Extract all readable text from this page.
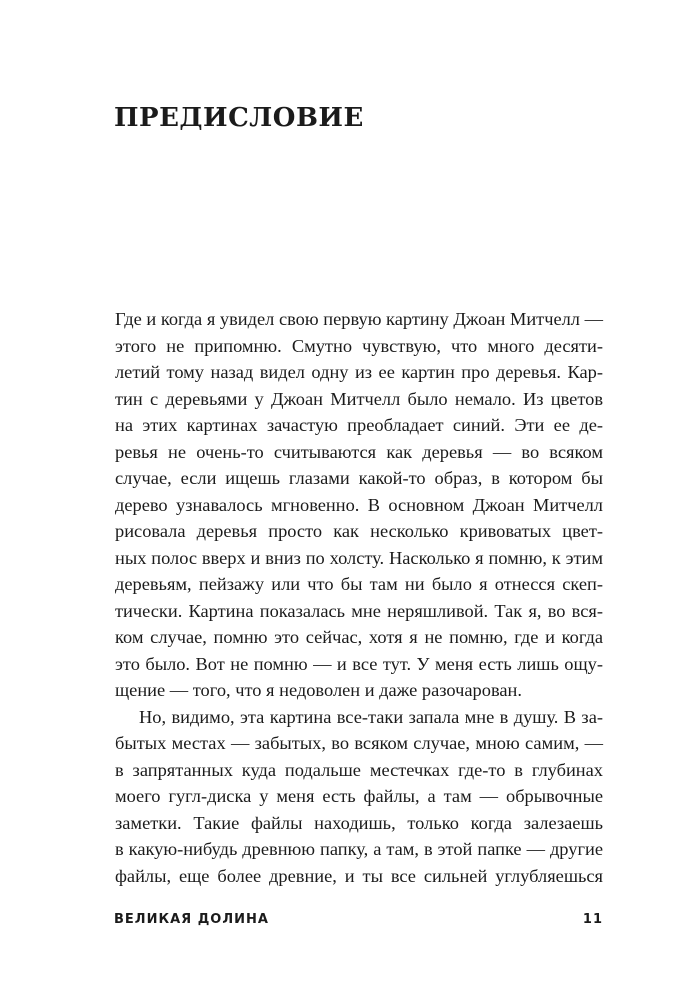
ПРЕДИСЛОВИЕ
Где и когда я увидел свою первую картину Джоан Митчелл —
этого не припомню. Смутно чувствую, что много десяти-
летий тому назад видел одну из ее картин про деревья. Кар-
тин с деревьями у Джоан Митчелл было немало. Из цветов
на этих картинах зачастую преобладает синий. Эти ее де-
ревья не очень-то считываются как деревья — во всяком
случае, если ищешь глазами какой-то образ, в котором бы
дерево узнавалось мгновенно. В основном Джоан Митчелл
рисовала деревья просто как несколько кривоватых цвет-
ных полос вверх и вниз по холсту. Насколько я помню, к этим
деревьям, пейзажу или что бы там ни было я отнесся скеп-
тически. Картина показалась мне неряшливой. Так я, во вся-
ком случае, помню это сейчас, хотя я не помню, где и когда
это было. Вот не помню — и все тут. У меня есть лишь ощу-
щение — того, что я недоволен и даже разочарован.
Но, видимо, эта картина все-таки запала мне в душу. В за-
бытых местах — забытых, во всяком случае, мною самим, —
в запрятанных куда подальше местечках где-то в глубинах
моего гугл-диска у меня есть файлы, а там — обрывочные
заметки. Такие файлы находишь, только когда залезаешь
в какую-нибудь древнюю папку, а там, в этой папке — другие
файлы, еще более древние, и ты все сильней углубляешься
ВЕЛИКАЯ ДОЛИНА	11
